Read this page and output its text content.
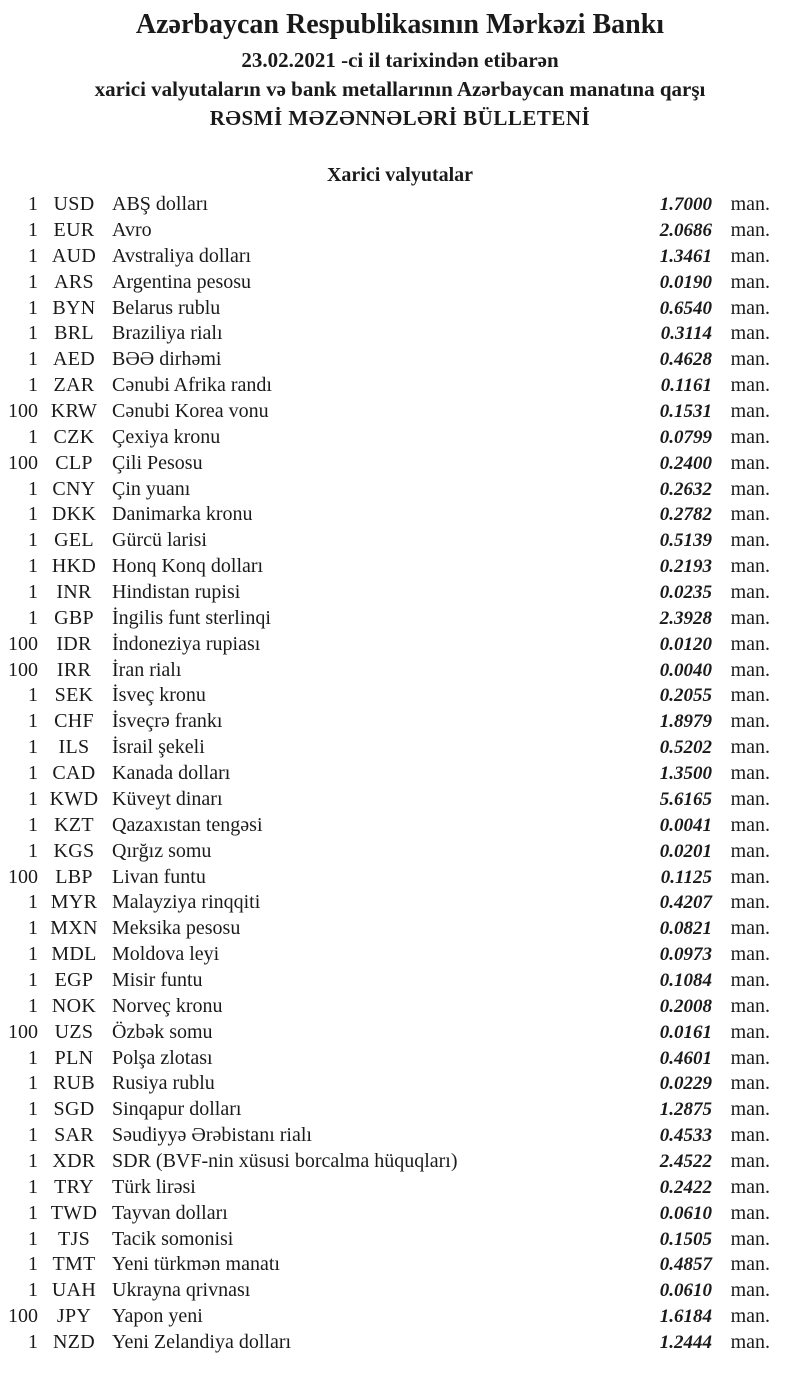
Azərbaycan Respublikasının Mərkəzi Bankı

23.02.2021 -ci il tarixindən etibarən

xarici valyutaların və bank metallarının Azərbaycan manatına qarşı

RƏSMİ MƏZƏNNƏLƏRİ BÜLLETENİ

Xarici valyutalar
1 USD ABŞ dolları	1.7000 man.
1 EUR Avro	2.0686 man.
1 AUD Avstraliya dolları	1.3461 man.
1 ARS Argentina pesosu	0.0190 man.
1 BYN Belarus rublu	0.6540 man.
1 BRL Braziliya rialı	0.3114 man.
1 AED BƏƏ dirhəmi	0.4628 man.
1 ZAR Cənubi Afrika randı	0.1161 man.
100 KRW Cənubi Korea vonu	0.1531 man.
1 CZK Çexiya kronu	0.0799 man.
100 CLP Çili Pesosu	0.2400 man.
1 CNY Çin yuanı	0.2632 man.
1 DKK Danimarka kronu	0.2782 man.
1 GEL Gürcü larisi	0.5139 man.
1 HKD Honq Konq dolları	0.2193 man.
1 INR	Hindistan rupisi	0.0235 man.
1 GBP İngilis funt sterlinqi	2.3928 man.
100 IDR	İndoneziya rupiası	0.0120 man.
100 IRR	İran rialı	0.0040 man.
1 SEK İsveç kronu	0.2055 man.
1 CHF İsveçrə frankı	1.8979 man.
1	ILS	İsrail şekeli	0.5202 man.
1 CAD Kanada dolları	1.3500 man.
1 KWD Küveyt dinarı	5.6165 man.
1 KZT Qazaxıstan tengəsi	0.0041 man.
1 KGS Qırğız somu	0.0201 man.
100 LBP Livan funtu	0.1125 man.
1 MYR Malayziya rinqqiti	0.4207 man.
1 MXN Meksika pesosu	0.0821 man.
1 MDL Moldova leyi	0.0973 man.
1 EGP Misir funtu	0.1084 man.
1 NOK Norveç kronu	0.2008 man.
100 UZS Özbək somu	0.0161 man.
1 PLN Polşa zlotası	0.4601 man.
1 RUB Rusiya rublu	0.0229 man.
1 SGD Sinqapur dolları	1.2875 man.
1 SAR Səudiyyə Ərəbistanı rialı	0.4533 man.
1 XDR SDR (BVF-nin xüsusi borcalma hüquqları)	2.4522 man.
1 TRY Türk lirəsi	0.2422 man.
1 TWD Tayvan dolları	0.0610 man.
1 TJS	Tacik somonisi	0.1505 man.
1 TMT Yeni türkmən manatı	0.4857 man.
1 UAH Ukrayna qrivnası	0.0610 man.
100 JPY	Yapon yeni	1.6184 man.
1 NZD Yeni Zelandiya dolları	1.2444 man.
